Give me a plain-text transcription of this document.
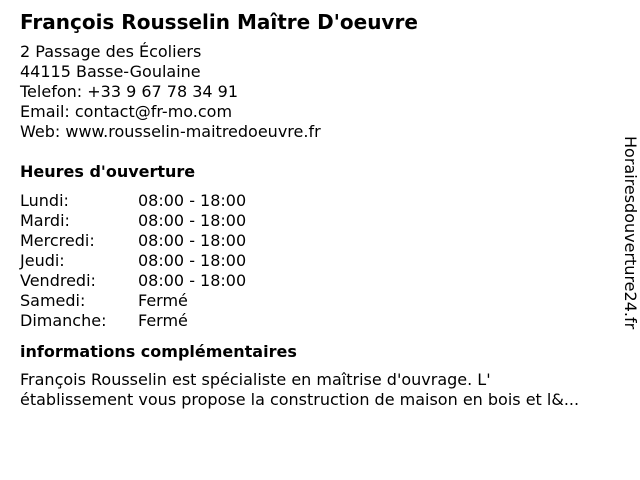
François Rousselin Maître D'oeuvre
2 Passage des Écoliers
44115 Basse-Goulaine
Telefon: +33 9 67 78 34 91
Email: contact@fr-mo.com
Web: www.rousselin-maitredoeuvre.fr
Heures d'ouverture
Lundi:	08:00 - 18:00
Mardi:	08:00 - 18:00
Mercredi:	08:00 - 18:00
Jeudi:	08:00 - 18:00
Vendredi:	08:00 - 18:00
Samedi:	Fermé
Dimanche:	Fermé
informations complémentaires
François Rousselin est spécialiste en maîtrise d'ouvrage. L'
établissement vous propose la construction de maison en bois et l&...
Horairesdouverture24.fr
